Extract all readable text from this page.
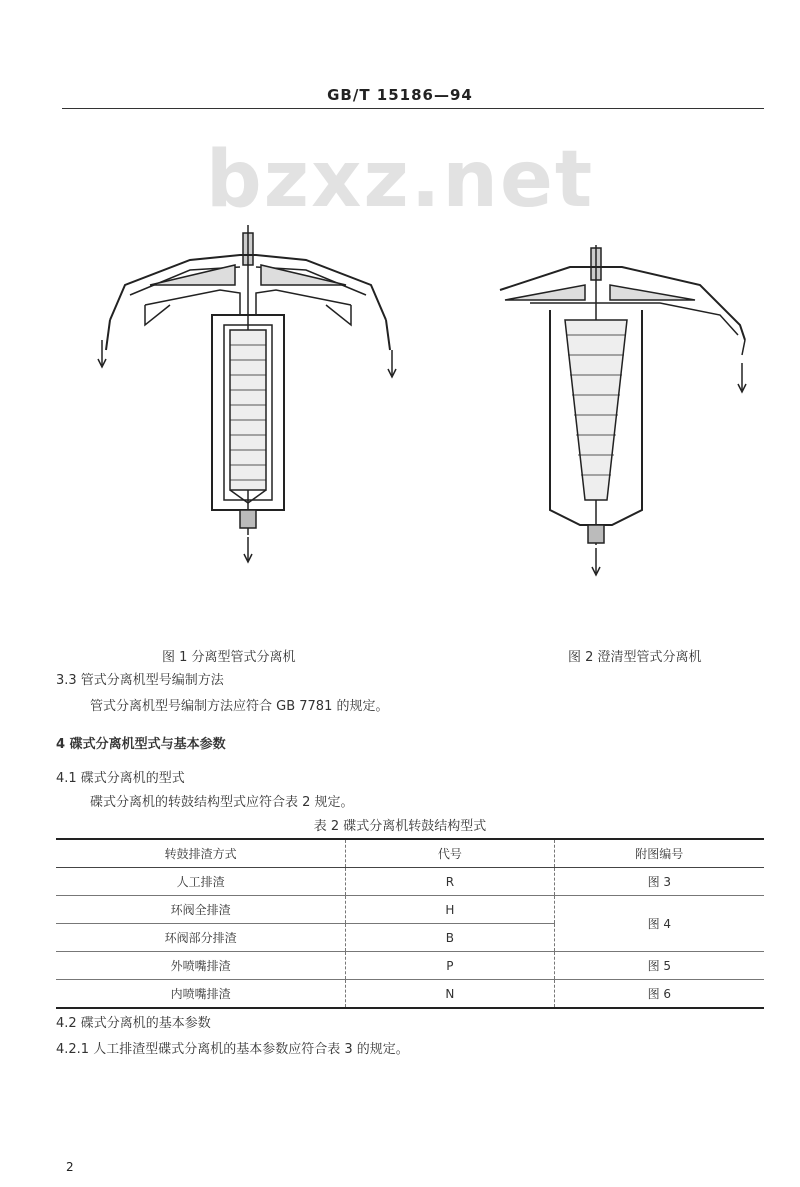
GB/T 15186—94
bzxz.net
图 1 分离型管式分离机	图 2 澄清型管式分离机
3.3 管式分离机型号编制方法
管式分离机型号编制方法应符合 GB 7781 的规定。
4 碟式分离机型式与基本参数
4.1 碟式分离机的型式
碟式分离机的转鼓结构型式应符合表 2 规定。
表 2 碟式分离机转鼓结构型式
转鼓排渣方式	代号	附图编号
人工排渣	R	图 3
环阀全排渣	H	图 4
环阀部分排渣	B	
外喷嘴排渣	P	图 5
内喷嘴排渣	N	图 6
4.2 碟式分离机的基本参数
4.2.1 人工排渣型碟式分离机的基本参数应符合表 3 的规定。
2
